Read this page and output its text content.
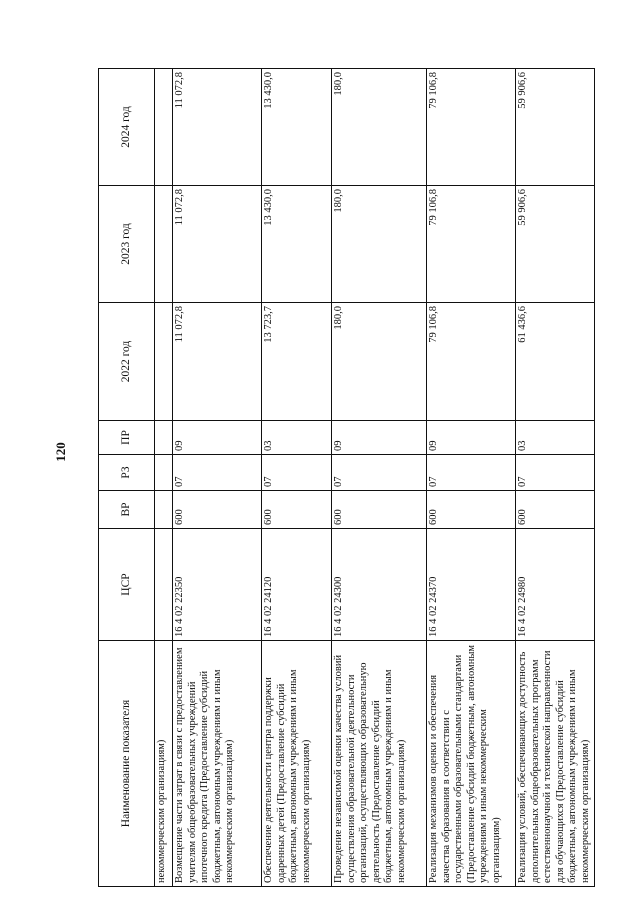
120
Наименование показателя	ЦСР	ВР	РЗ	ПР	2022 год	2023 год	2024 год
некоммерческим организациям)							
Возмещение части затрат в связи с предоставлением учителям общеобразовательных учреждений ипотечного кредита (Предоставление субсидий бюджетным, автономным учреждениям и иным некоммерческим организациям)	16 4 02 22350	600	07	09	11 072,8	11 072,8	11 072,8
Обеспечение деятельности центра поддержки одаренных детей (Предоставление субсидий бюджетным, автономным учреждениям и иным некоммерческим организациям)	16 4 02 24120	600	07	03	13 723,7	13 430,0	13 430,0
Проведение независимой оценки качества условий осуществления образовательной деятельности организаций, осуществляющих образовательную деятельность (Предоставление субсидий бюджетным, автономным учреждениям и иным некоммерческим организациям)	16 4 02 24300	600	07	09	180,0	180,0	180,0
Реализация механизмов оценки и обеспечения качества образования в соответствии с государственными образовательными стандартами (Предоставление субсидий бюджетным, автономным учреждениям и иным некоммерческим организациям)	16 4 02 24370	600	07	09	79 106,8	79 106,8	79 106,8
Реализация условий, обеспечивающих доступность дополнительных общеобразовательных программ естественнонаучной и технической направленности для обучающихся (Предоставление субсидий бюджетным, автономным учреждениям и иным некоммерческим организациям)	16 4 02 24980	600	07	03	61 436,6	59 906,6	59 906,6
